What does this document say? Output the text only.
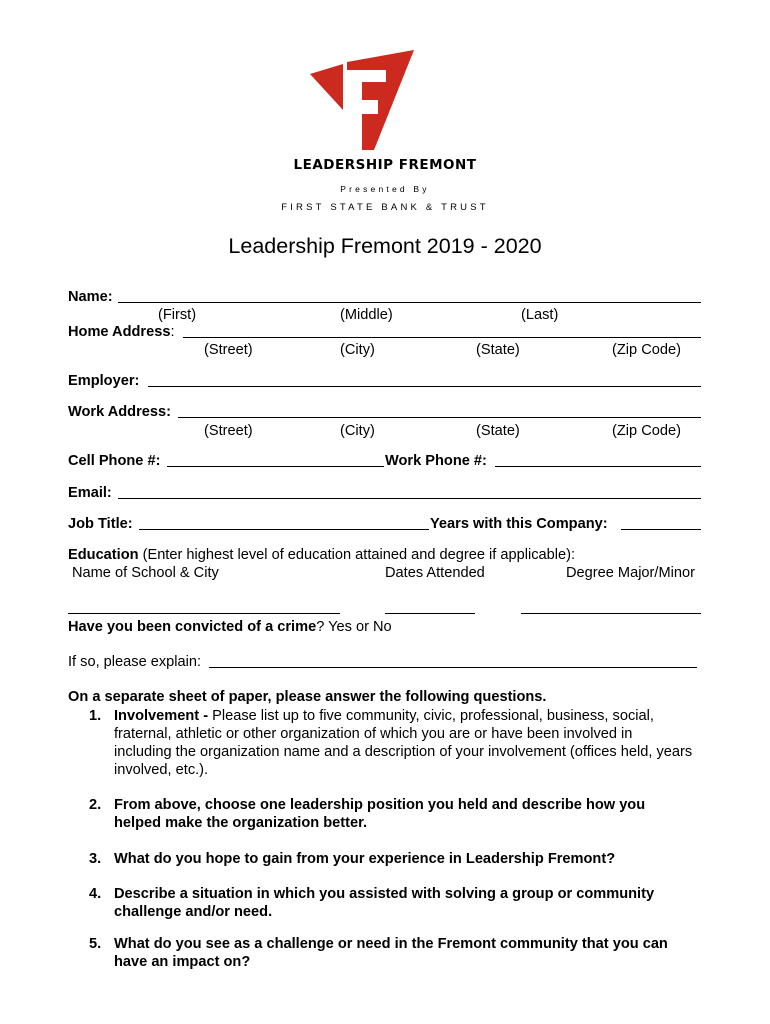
LEADERSHIP FREMONT
Presented By
FIRST STATE BANK & TRUST
Leadership Fremont 2019 - 2020
Name:
(First)	(Middle)	(Last)
Home Address:
(Street)	(City)	(State)	(Zip Code)
Employer:
Work Address:
(Street)	(City)	(State)	(Zip Code)
Cell Phone #:	Work Phone #:
Email:
Job Title:	Years with this Company:
Education (Enter highest level of education attained and degree if applicable):
Name of School & City	Dates Attended	Degree Major/Minor
Have you been convicted of a crime? Yes or No
If so, please explain:
On a separate sheet of paper, please answer the following questions.
1. Involvement - Please list up to five community, civic, professional, business, social, fraternal, athletic or other organization of which you are or have been involved in including the organization name and a description of your involvement (offices held, years involved, etc.).
2. From above, choose one leadership position you held and describe how you helped make the organization better.
3. What do you hope to gain from your experience in Leadership Fremont?
4. Describe a situation in which you assisted with solving a group or community challenge and/or need.
5. What do you see as a challenge or need in the Fremont community that you can have an impact on?
